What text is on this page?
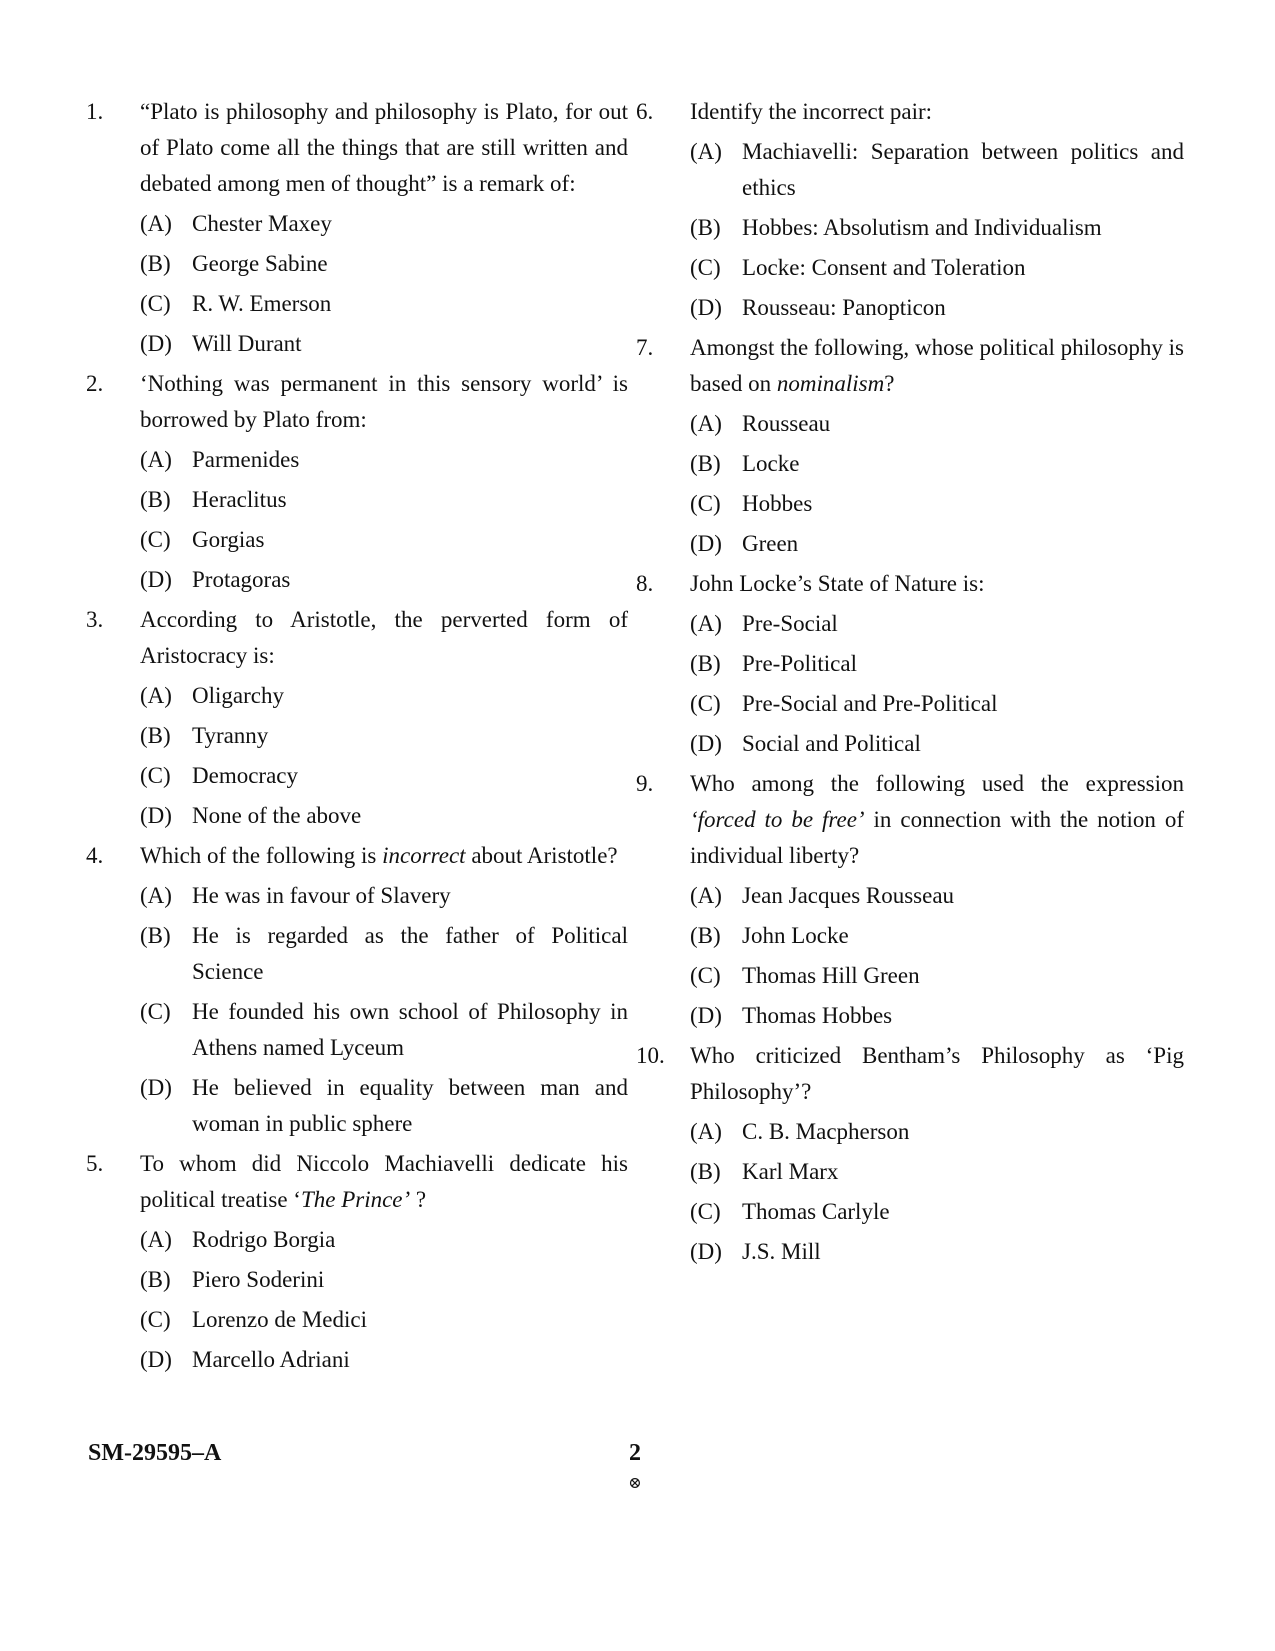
1. “Plato is philosophy and philosophy is Plato, for out of Plato come all the things that are still written and debated among men of thought” is a remark of:
(A) Chester Maxey
(B) George Sabine
(C) R. W. Emerson
(D) Will Durant
2. ‘Nothing was permanent in this sensory world’ is borrowed by Plato from:
(A) Parmenides
(B) Heraclitus
(C) Gorgias
(D) Protagoras
3. According to Aristotle, the perverted form of Aristocracy is:
(A) Oligarchy
(B) Tyranny
(C) Democracy
(D) None of the above
4. Which of the following is incorrect about Aristotle?
(A) He was in favour of Slavery
(B) He is regarded as the father of Political Science
(C) He founded his own school of Philosophy in Athens named Lyceum
(D) He believed in equality between man and woman in public sphere
5. To whom did Niccolo Machiavelli dedicate his political treatise ‘The Prince’ ?
(A) Rodrigo Borgia
(B) Piero Soderini
(C) Lorenzo de Medici
(D) Marcello Adriani
6. Identify the incorrect pair:
(A) Machiavelli: Separation between politics and ethics
(B) Hobbes: Absolutism and Individualism
(C) Locke: Consent and Toleration
(D) Rousseau: Panopticon
7. Amongst the following, whose political philosophy is based on nominalism?
(A) Rousseau
(B) Locke
(C) Hobbes
(D) Green
8. John Locke’s State of Nature is:
(A) Pre-Social
(B) Pre-Political
(C) Pre-Social and Pre-Political
(D) Social and Political
9. Who among the following used the expression ‘forced to be free’ in connection with the notion of individual liberty?
(A) Jean Jacques Rousseau
(B) John Locke
(C) Thomas Hill Green
(D) Thomas Hobbes
10. Who criticized Bentham’s Philosophy as ‘Pig Philosophy’?
(A) C. B. Macpherson
(B) Karl Marx
(C) Thomas Carlyle
(D) J.S. Mill
SM-29595–A	2
⊗
